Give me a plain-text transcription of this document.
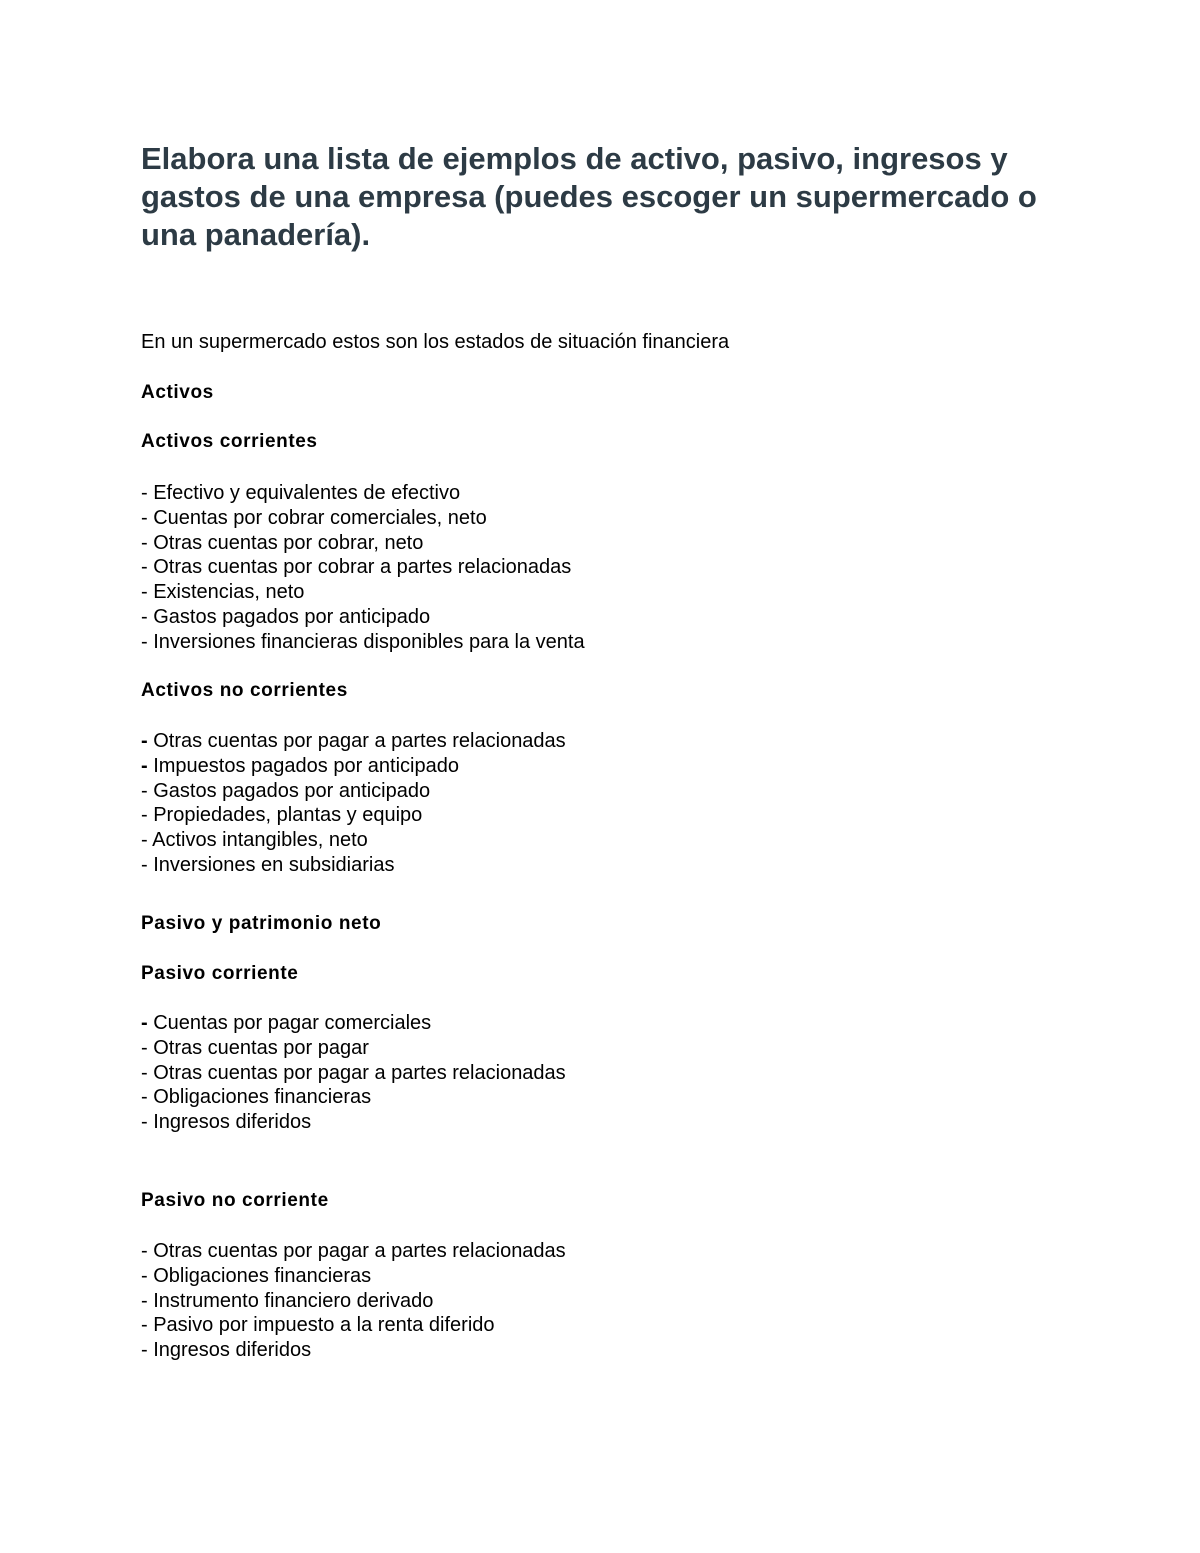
Elabora una lista de ejemplos de activo, pasivo, ingresos y gastos de una empresa (puedes escoger un supermercado o una panadería).

En un supermercado estos son los estados de situación financiera

Activos
Activos corrientes
- Efectivo y equivalentes de efectivo
- Cuentas por cobrar comerciales, neto
- Otras cuentas por cobrar, neto
- Otras cuentas por cobrar a partes relacionadas
- Existencias, neto
- Gastos pagados por anticipado
- Inversiones financieras disponibles para la venta
Activos no corrientes
- Otras cuentas por pagar a partes relacionadas
- Impuestos pagados por anticipado
- Gastos pagados por anticipado
- Propiedades, plantas y equipo
- Activos intangibles, neto
- Inversiones en subsidiarias
Pasivo y patrimonio neto
Pasivo corriente
- Cuentas por pagar comerciales
- Otras cuentas por pagar
- Otras cuentas por pagar a partes relacionadas
- Obligaciones financieras
- Ingresos diferidos
Pasivo no corriente
- Otras cuentas por pagar a partes relacionadas
- Obligaciones financieras
- Instrumento financiero derivado
- Pasivo por impuesto a la renta diferido
- Ingresos diferidos
